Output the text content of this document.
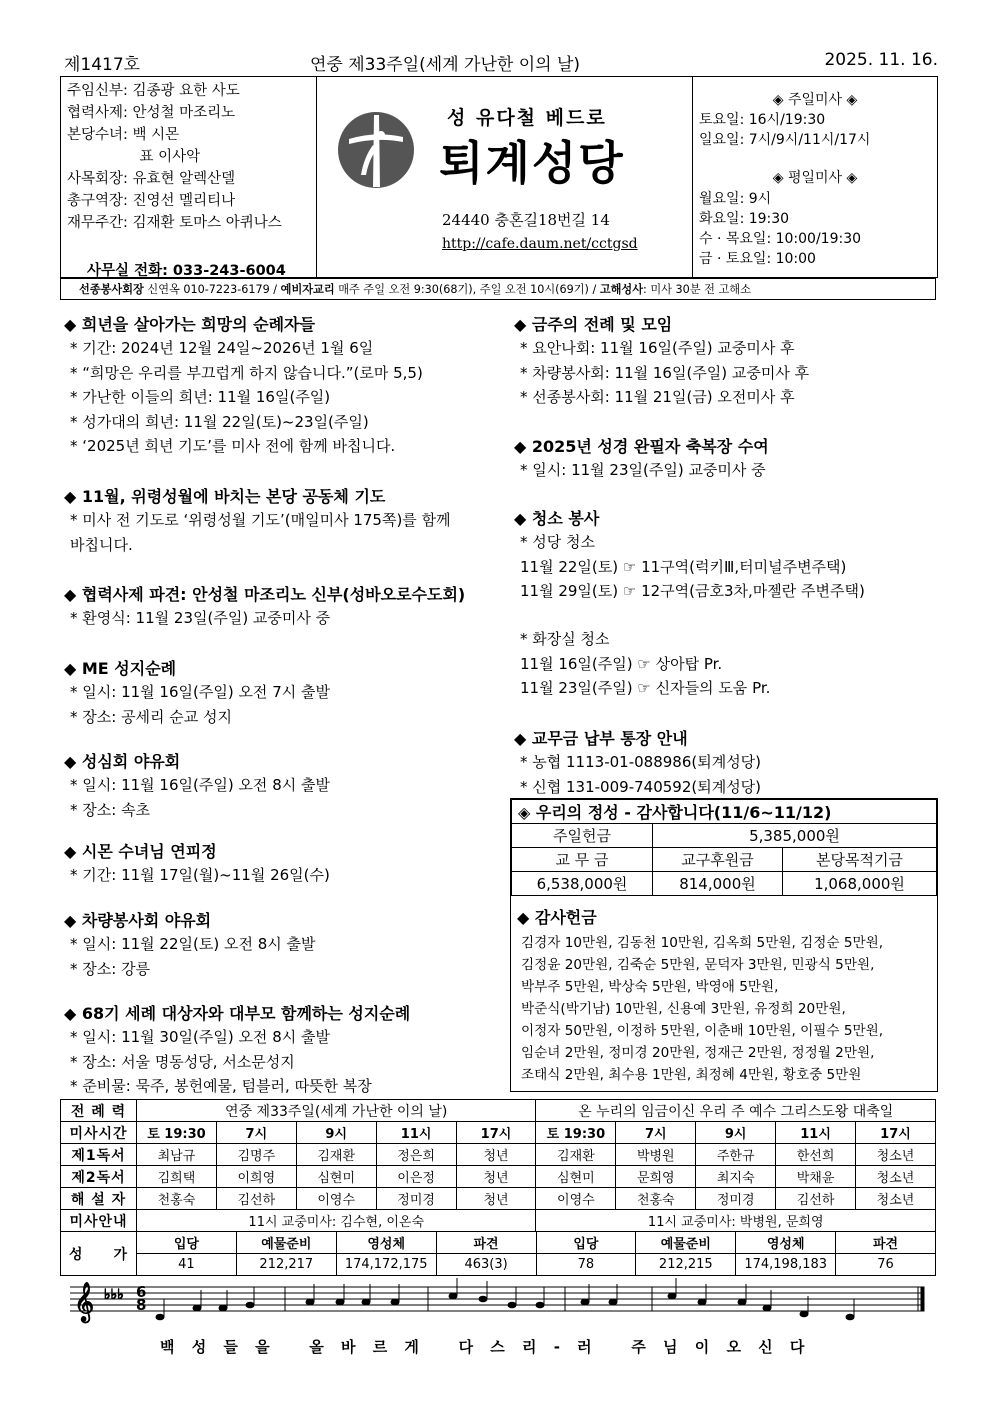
제1417호	연중 제33주일(세계 가난한 이의 날)	2025. 11. 16.
주임신부: 김종광 요한 사도
협력사제: 안성철 마조리노
본당수녀: 백 시몬
　　　　　표 이사악
사목회장: 유효현 알렉산델
총구역장: 진영선 멜리티나
재무주간: 김재환 토마스 아퀴나스
사무실 전화: 033-243-6004
성 유다철 베드로
퇴계성당
24440 충혼길18번길 14
http://cafe.daum.net/cctgsd
◈ 주일미사 ◈
토요일: 16시/19:30
일요일: 7시/9시/11시/17시
◈ 평일미사 ◈
월요일: 9시
화요일: 19:30
수 · 목요일: 10:00/19:30
금 · 토요일: 10:00
선종봉사회장 신연옥 010-7223-6179 / 예비자교리 매주 주일 오전 9:30(68기), 주일 오전 10시(69기) / 고해성사: 미사 30분 전 고해소
◆ 희년을 살아가는 희망의 순례자들
* 기간: 2024년 12월 24일~2026년 1월 6일
* “희망은 우리를 부끄럽게 하지 않습니다.”(로마 5,5)
* 가난한 이들의 희년: 11월 16일(주일)
* 성가대의 희년: 11월 22일(토)~23일(주일)
* ‘2025년 희년 기도’를 미사 전에 함께 바칩니다.
◆ 11월, 위령성월에 바치는 본당 공동체 기도
* 미사 전 기도로 ‘위령성월 기도’(매일미사 175쪽)를 함께
바칩니다.
◆ 협력사제 파견: 안성철 마조리노 신부(성바오로수도회)
* 환영식: 11월 23일(주일) 교중미사 중
◆ ME 성지순례
* 일시: 11월 16일(주일) 오전 7시 출발
* 장소: 공세리 순교 성지
◆ 성심회 야유회
* 일시: 11월 16일(주일) 오전 8시 출발
* 장소: 속초
◆ 시몬 수녀님 연피정
* 기간: 11월 17일(월)~11월 26일(수)
◆ 차량봉사회 야유회
* 일시: 11월 22일(토) 오전 8시 출발
* 장소: 강릉
◆ 68기 세례 대상자와 대부모 함께하는 성지순례
* 일시: 11월 30일(주일) 오전 8시 출발
* 장소: 서울 명동성당, 서소문성지
* 준비물: 묵주, 봉헌예물, 텀블러, 따뜻한 복장
◆ 금주의 전례 및 모임
* 요안나회: 11월 16일(주일) 교중미사 후
* 차량봉사회: 11월 16일(주일) 교중미사 후
* 선종봉사회: 11월 21일(금) 오전미사 후
◆ 2025년 성경 완필자 축복장 수여
* 일시: 11월 23일(주일) 교중미사 중
◆ 청소 봉사
* 성당 청소
11월 22일(토) ☞ 11구역(럭키Ⅲ,터미널주변주택)
11월 29일(토) ☞ 12구역(금호3차,마젤란 주변주택)
* 화장실 청소
11월 16일(주일) ☞ 상아탑 Pr.
11월 23일(주일) ☞ 신자들의 도움 Pr.
◆ 교무금 납부 통장 안내
* 농협 1113-01-088986(퇴계성당)
* 신협 131-009-740592(퇴계성당)
◈ 우리의 정성 - 감사합니다(11/6~11/12)		
주일헌금	5,385,000원	
교 무 금	교구후원금	본당목적기금
6,538,000원	814,000원	1,068,000원
◆ 감사헌금
김경자 10만원, 김동천 10만원, 김옥희 5만원, 김정순 5만원,
김정윤 20만원, 김죽순 5만원, 문덕자 3만원, 민광식 5만원,
박부주 5만원, 박상숙 5만원, 박영애 5만원,
박준식(박기남) 10만원, 신용예 3만원, 유정희 20만원,
이정자 50만원, 이정하 5만원, 이춘배 10만원, 이필수 5만원,
임순녀 2만원, 정미경 20만원, 정재근 2만원, 정정월 2만원,
조태식 2만원, 최수용 1만원, 최정혜 4만원, 황호중 5만원
전 례 력	연중 제33주일(세계 가난한 이의 날)					온 누리의 임금이신 우리 주 예수 그리스도왕 대축일				
미사시간	토 19:30	7시	9시	11시	17시	토 19:30	7시	9시	11시	17시
제1독서	최남규	김명주	김재환	정은희	청년	김재환	박병원	주한규	한선희	청소년
제2독서	김희택	이희영	심현미	이은정	청년	심현미	문희영	최지숙	박채윤	청소년
해 설 자	천홍숙	김선하	이영수	정미경	청년	이영수	천홍숙	정미경	김선하	청소년
미사안내	11시 교중미사: 김수현, 이온숙					11시 교중미사: 박병원, 문희영				
성　　가	입당	예물준비	영성체	파견	입당	예물준비	영성체	파견
	41	212,217	174,172,175	463(3)	78	212,215	174,198,183	76
𝄞 ♭♭♭ 6
8
백 성 들 을   올 바 르 게   다 스 리 - 러   주 님 이 오 신 다
